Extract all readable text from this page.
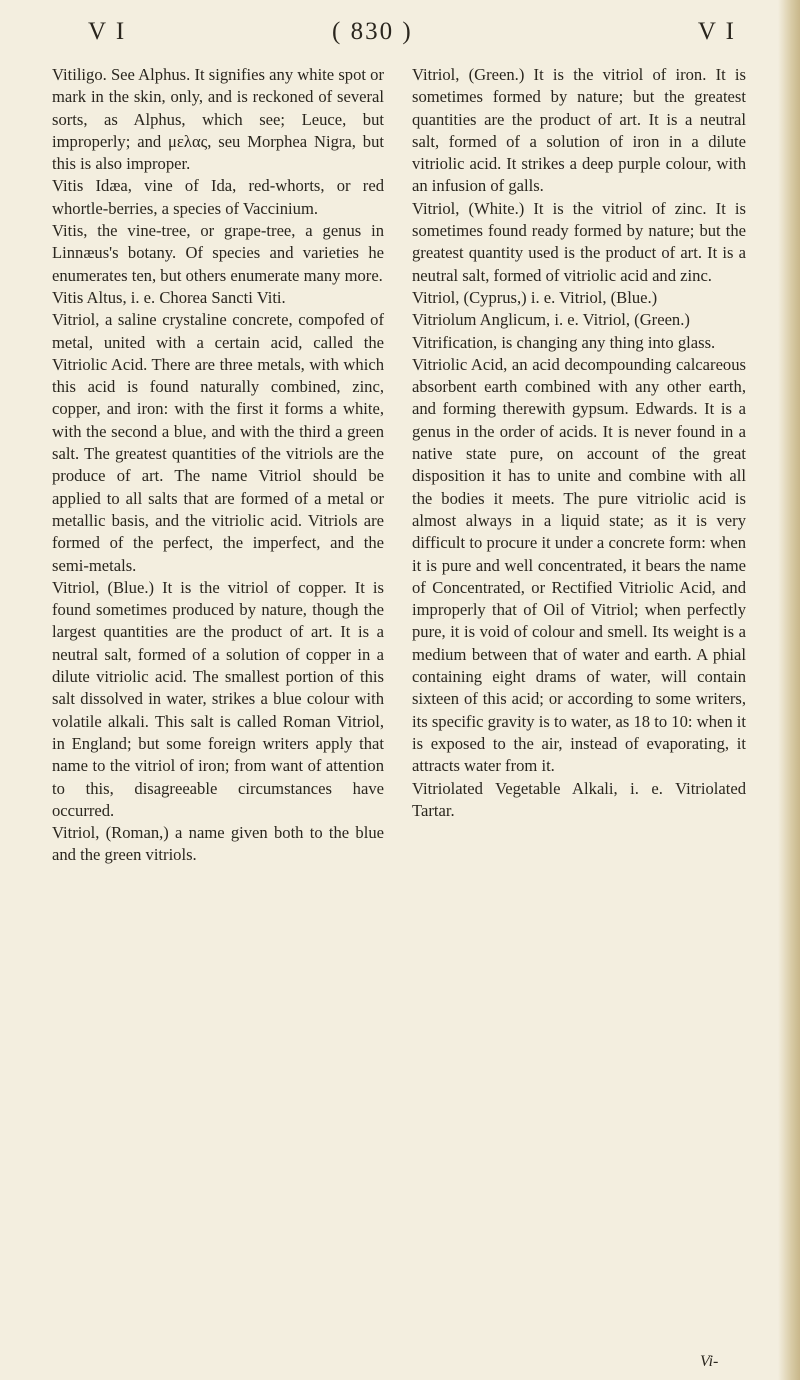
V I	( 830 )	V I

Vitiligo. See Alphus. It signifies any white spot or mark in the skin, only, and is reckoned of several sorts, as Alphus, which see; Leuce, but improperly; and μελας, seu Morphea Nigra, but this is also improper.

Vitis Idæa, vine of Ida, red-whorts, or red whortle-berries, a species of Vaccinium.

Vitis, the vine-tree, or grape-tree, a genus in Linnæus's botany. Of species and varieties he enumerates ten, but others enumerate many more.

Vitis Altus, i. e. Chorea Sancti Viti.

Vitriol, a saline crystaline concrete, compofed of metal, united with a certain acid, called the Vitriolic Acid. There are three metals, with which this acid is found naturally combined, zinc, copper, and iron: with the first it forms a white, with the second a blue, and with the third a green salt. The greatest quantities of the vitriols are the produce of art. The name Vitriol should be applied to all salts that are formed of a metal or metallic basis, and the vitriolic acid. Vitriols are formed of the perfect, the imperfect, and the semi-metals.

Vitriol, (Blue.) It is the vitriol of copper. It is found sometimes produced by nature, though the largest quantities are the product of art. It is a neutral salt, formed of a solution of copper in a dilute vitriolic acid. The smallest portion of this salt dissolved in water, strikes a blue colour with volatile alkali. This salt is called Roman Vitriol, in England; but some foreign writers apply that name to the vitriol of iron; from want of attention to this, disagreeable circumstances have occurred.

Vitriol, (Roman,) a name given both to the blue and the green vitriols.

Vitriol, (Green.) It is the vitriol of iron. It is sometimes formed by nature; but the greatest quantities are the product of art. It is a neutral salt, formed of a solution of iron in a dilute vitriolic acid. It strikes a deep purple colour, with an infusion of galls.

Vitriol, (White.) It is the vitriol of zinc. It is sometimes found ready formed by nature; but the greatest quantity used is the product of art. It is a neutral salt, formed of vitriolic acid and zinc.

Vitriol, (Cyprus,) i. e. Vitriol, (Blue.)

Vitriolum Anglicum, i. e. Vitriol, (Green.)

Vitrification, is changing any thing into glass.

Vitriolic Acid, an acid decompounding calcareous absorbent earth combined with any other earth, and forming therewith gypsum. Edwards. It is a genus in the order of acids. It is never found in a native state pure, on account of the great disposition it has to unite and combine with all the bodies it meets. The pure vitriolic acid is almost always in a liquid state; as it is very difficult to procure it under a concrete form: when it is pure and well concentrated, it bears the name of Concentrated, or Rectified Vitriolic Acid, and improperly that of Oil of Vitriol; when perfectly pure, it is void of colour and smell. Its weight is a medium between that of water and earth. A phial containing eight drams of water, will contain sixteen of this acid; or according to some writers, its specific gravity is to water, as 18 to 10: when it is exposed to the air, instead of evaporating, it attracts water from it.

Vitriolated Vegetable Alkali, i. e. Vitriolated Tartar.

Vi-
